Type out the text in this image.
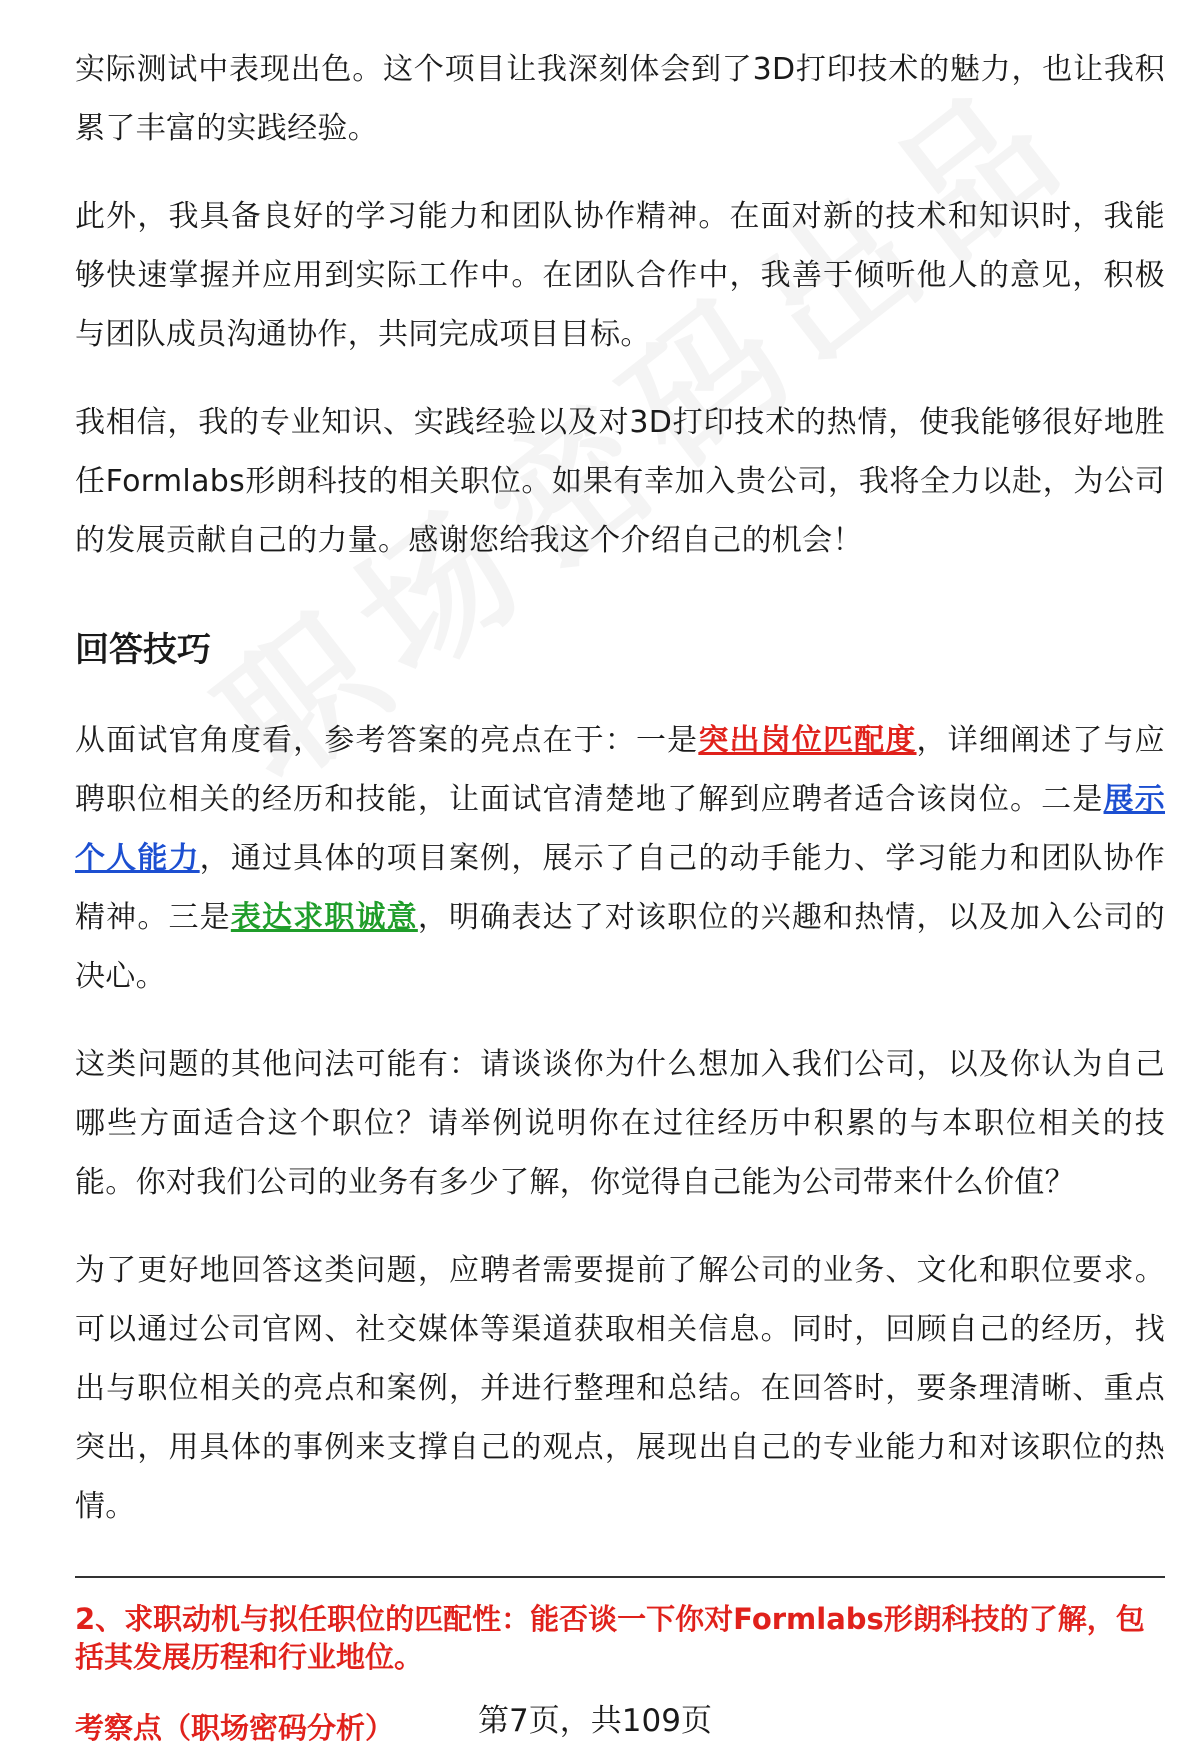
实际测试中表现出色。这个项目让我深刻体会到了3D打印技术的魅力，也让我积累了丰富的实践经验。

此外，我具备良好的学习能力和团队协作精神。在面对新的技术和知识时，我能够快速掌握并应用到实际工作中。在团队合作中，我善于倾听他人的意见，积极与团队成员沟通协作，共同完成项目目标。

我相信，我的专业知识、实践经验以及对3D打印技术的热情，使我能够很好地胜任Formlabs形朗科技的相关职位。如果有幸加入贵公司，我将全力以赴，为公司的发展贡献自己的力量。感谢您给我这个介绍自己的机会！

回答技巧

从面试官角度看，参考答案的亮点在于：一是突出岗位匹配度，详细阐述了与应聘职位相关的经历和技能，让面试官清楚地了解到应聘者适合该岗位。二是展示个人能力，通过具体的项目案例，展示了自己的动手能力、学习能力和团队协作精神。三是表达求职诚意，明确表达了对该职位的兴趣和热情，以及加入公司的决心。

这类问题的其他问法可能有：请谈谈你为什么想加入我们公司，以及你认为自己哪些方面适合这个职位？请举例说明你在过往经历中积累的与本职位相关的技能。你对我们公司的业务有多少了解，你觉得自己能为公司带来什么价值？

为了更好地回答这类问题，应聘者需要提前了解公司的业务、文化和职位要求。可以通过公司官网、社交媒体等渠道获取相关信息。同时，回顾自己的经历，找出与职位相关的亮点和案例，并进行整理和总结。在回答时，要条理清晰、重点突出，用具体的事例来支撑自己的观点，展现出自己的专业能力和对该职位的热情。

2、求职动机与拟任职位的匹配性：能否谈一下你对Formlabs形朗科技的了解，包括其发展历程和行业地位。

考察点（职场密码分析）	第7页，共109页
